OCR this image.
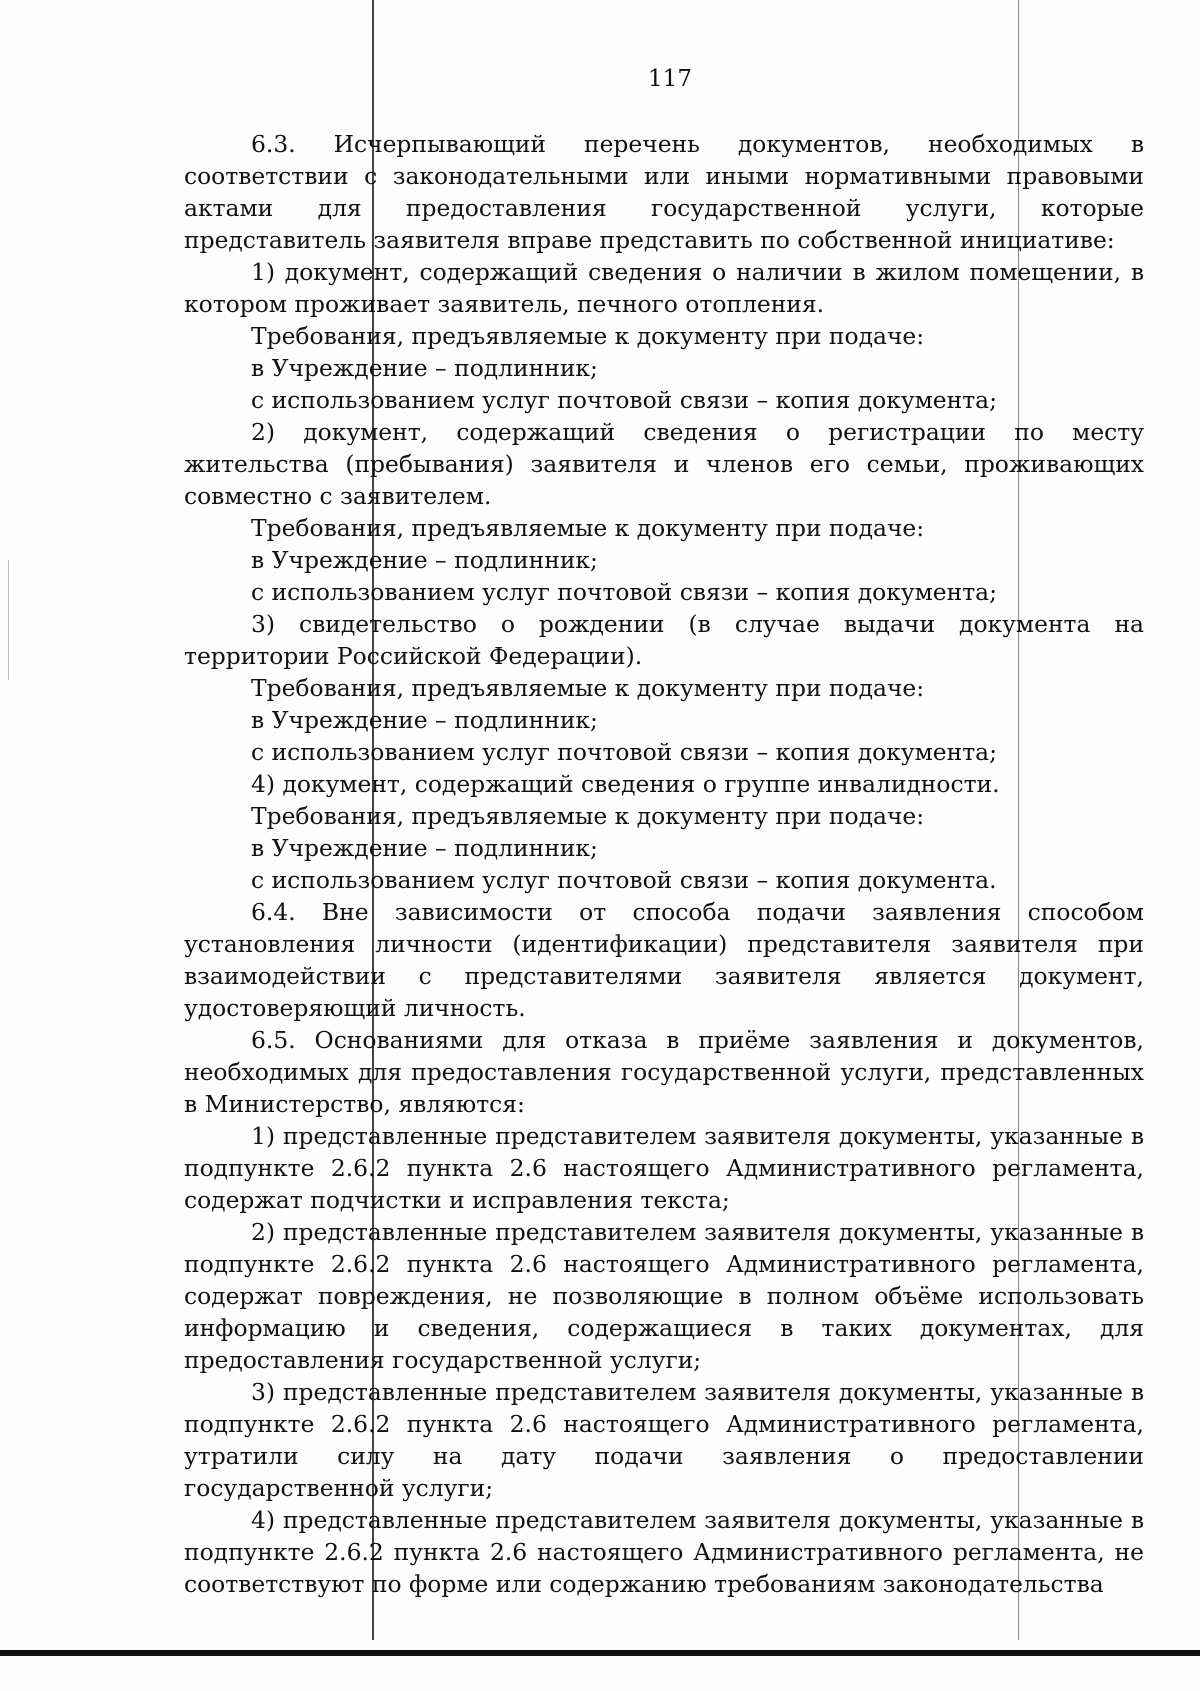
117

6.3. Исчерпывающий перечень документов, необходимых в соответствии с законодательными или иными нормативными правовыми актами для предоставления государственной услуги, которые представитель заявителя вправе представить по собственной инициативе:

1) документ, содержащий сведения о наличии в жилом помещении, в котором проживает заявитель, печного отопления.

Требования, предъявляемые к документу при подаче:

в Учреждение – подлинник;

с использованием услуг почтовой связи – копия документа;

2) документ, содержащий сведения о регистрации по месту жительства (пребывания) заявителя и членов его семьи, проживающих совместно с заявителем.

Требования, предъявляемые к документу при подаче:

в Учреждение – подлинник;

с использованием услуг почтовой связи – копия документа;

3) свидетельство о рождении (в случае выдачи документа на территории Российской Федерации).

Требования, предъявляемые к документу при подаче:

в Учреждение – подлинник;

с использованием услуг почтовой связи – копия документа;

4) документ, содержащий сведения о группе инвалидности.

Требования, предъявляемые к документу при подаче:

в Учреждение – подлинник;

с использованием услуг почтовой связи – копия документа.

6.4. Вне зависимости от способа подачи заявления способом установления личности (идентификации) представителя заявителя при взаимодействии с представителями заявителя является документ, удостоверяющий личность.

6.5. Основаниями для отказа в приёме заявления и документов, необходимых для предоставления государственной услуги, представленных в Министерство, являются:

1) представленные представителем заявителя документы, указанные в подпункте 2.6.2 пункта 2.6 настоящего Административного регламента, содержат подчистки и исправления текста;

2) представленные представителем заявителя документы, указанные в подпункте 2.6.2 пункта 2.6 настоящего Административного регламента, содержат повреждения, не позволяющие в полном объёме использовать информацию и сведения, содержащиеся в таких документах, для предоставления государственной услуги;

3) представленные представителем заявителя документы, указанные в подпункте 2.6.2 пункта 2.6 настоящего Административного регламента, утратили силу на дату подачи заявления о предоставлении государственной услуги;

4) представленные представителем заявителя документы, указанные в подпункте 2.6.2 пункта 2.6 настоящего Административного регламента, не соответствуют по форме или содержанию требованиям законодательства
